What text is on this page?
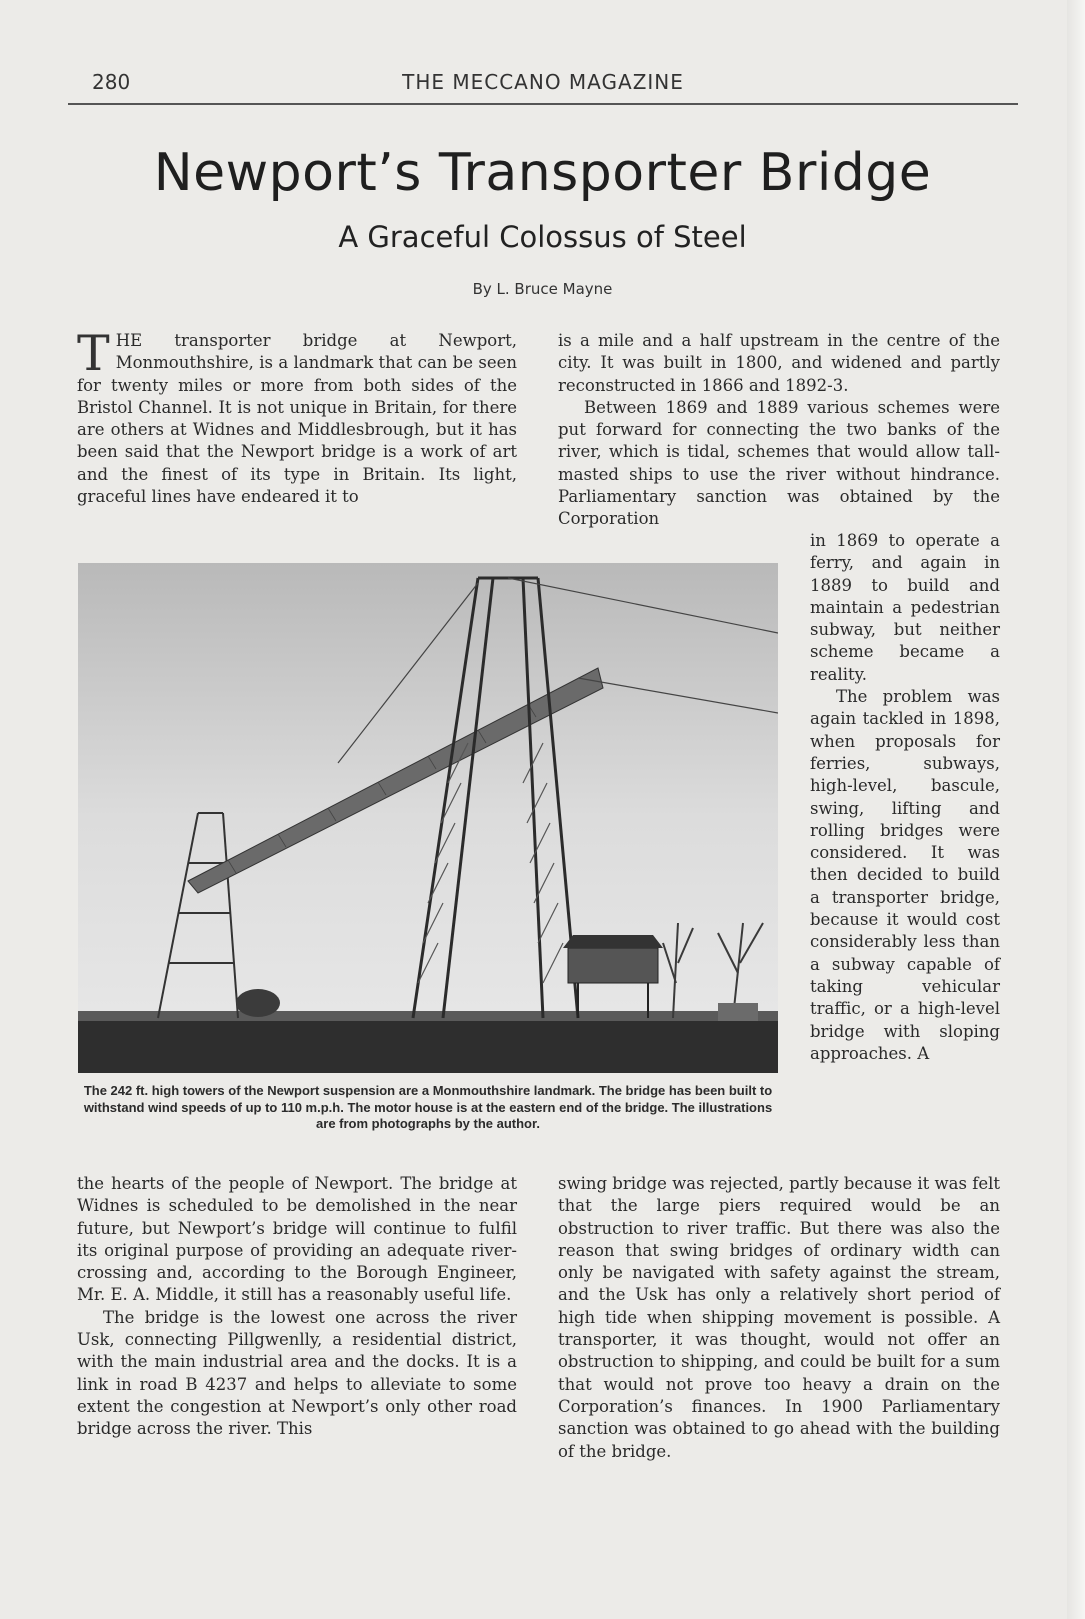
280	THE MECCANO MAGAZINE
Newport’s Transporter Bridge
A Graceful Colossus of Steel
By L. Bruce Mayne

THE transporter bridge at Newport, Monmouthshire, is a landmark that can be seen for twenty miles or more from both sides of the Bristol Channel. It is not unique in Britain, for there are others at Widnes and Middlesbrough, but it has been said that the Newport bridge is a work of art and the finest of its type in Britain. Its light, graceful lines have endeared it to

is a mile and a half upstream in the centre of the city. It was built in 1800, and widened and partly reconstructed in 1866 and 1892-3.

Between 1869 and 1889 various schemes were put forward for connecting the two banks of the river, which is tidal, schemes that would allow tall-masted ships to use the river without hindrance. Parliamentary sanction was obtained by the Corporation

The 242 ft. high towers of the Newport suspension are a Monmouthshire landmark. The bridge has been built to withstand wind speeds of up to 110 m.p.h. The motor house is at the eastern end of the bridge. The illustrations are from photographs by the author.

in 1869 to operate a ferry, and again in 1889 to build and maintain a pedestrian subway, but neither scheme became a reality.

The problem was again tackled in 1898, when proposals for ferries, subways, high-level, bascule, swing, lifting and rolling bridges were considered. It was then decided to build a transporter bridge, because it would cost considerably less than a subway capable of taking vehicular traffic, or a high-level bridge with sloping approaches. A

the hearts of the people of Newport. The bridge at Widnes is scheduled to be demolished in the near future, but Newport’s bridge will continue to fulfil its original purpose of providing an adequate river-crossing and, according to the Borough Engineer, Mr. E. A. Middle, it still has a reasonably useful life.

The bridge is the lowest one across the river Usk, connecting Pillgwenlly, a residential district, with the main industrial area and the docks. It is a link in road B 4237 and helps to alleviate to some extent the congestion at Newport’s only other road bridge across the river. This

swing bridge was rejected, partly because it was felt that the large piers required would be an obstruction to river traffic. But there was also the reason that swing bridges of ordinary width can only be navigated with safety against the stream, and the Usk has only a relatively short period of high tide when shipping movement is possible. A transporter, it was thought, would not offer an obstruction to shipping, and could be built for a sum that would not prove too heavy a drain on the Corporation’s finances. In 1900 Parliamentary sanction was obtained to go ahead with the building of the bridge.
